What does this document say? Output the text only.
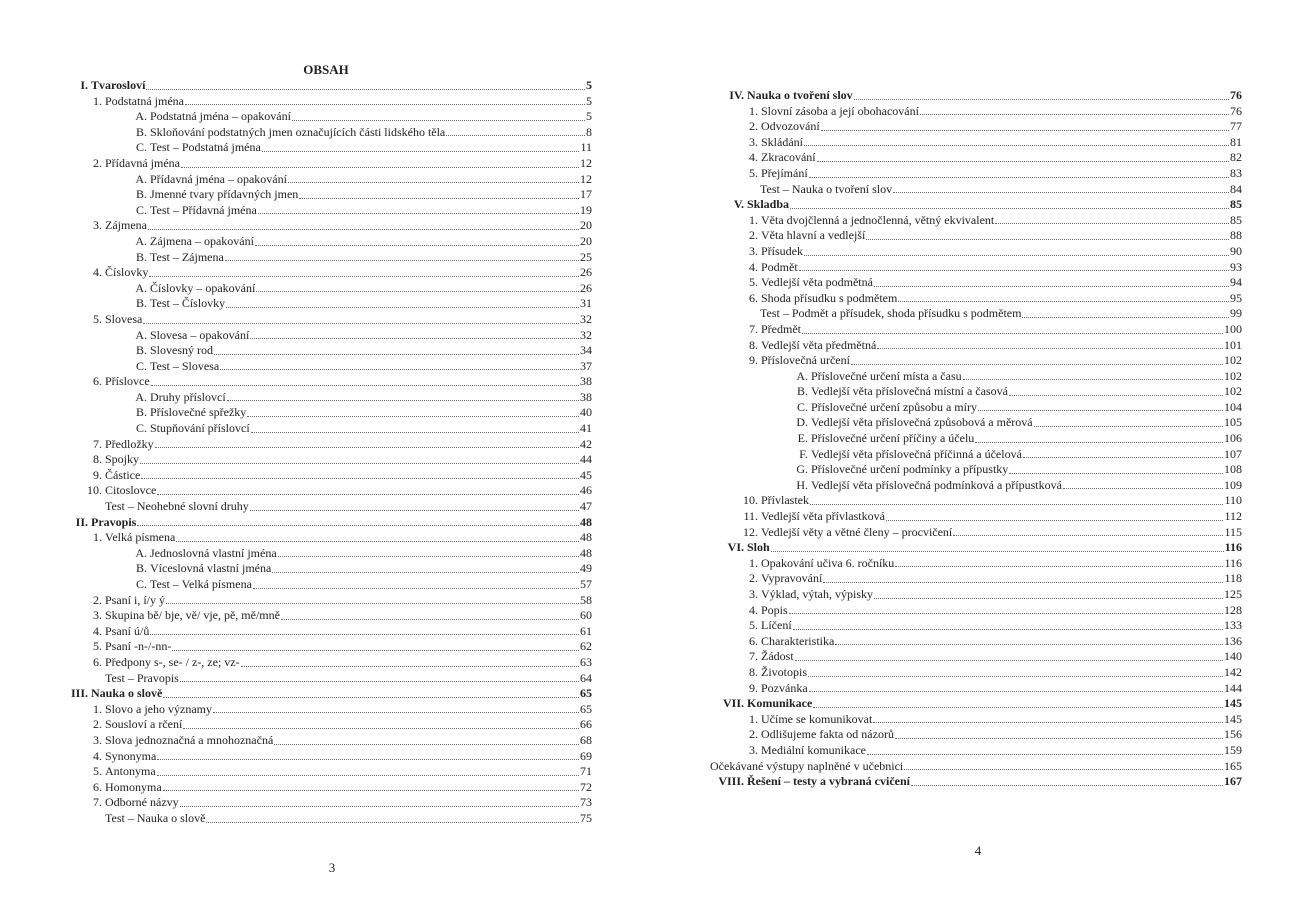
OBSAH
I. Tvarosloví	5
1. Podstatná jména	5
A. Podstatná jména – opakování	5
B. Skloňování podstatných jmen označujících části lidského těla	8
C. Test – Podstatná jména	11
2. Přídavná jména	12
A. Přídavná jména – opakování	12
B. Jmenné tvary přídavných jmen	17
C. Test – Přídavná jména	19
3. Zájmena	20
A. Zájmena – opakování	20
B. Test – Zájmena	25
4. Číslovky	26
A. Číslovky – opakování	26
B. Test – Číslovky	31
5. Slovesa	32
A. Slovesa – opakování	32
B. Slovesný rod	34
C. Test – Slovesa	37
6. Příslovce	38
A. Druhy příslovcí	38
B. Příslovečné spřežky	40
C. Stupňování příslovcí	41
7. Předložky	42
8. Spojky	44
9. Částice	45
10. Citoslovce	46
Test – Neohebné slovní druhy	47
II. Pravopis	48
1. Velká písmena	48
A. Jednoslovná vlastní jména	48
B. Víceslovná vlastní jména	49
C. Test – Velká písmena	57
2. Psaní i, í/y ý	58
3. Skupina bě/ bje, vě/ vje, pě, mě/mně	60
4. Psaní ú/ů	61
5. Psaní -n-/-nn-	62
6. Předpony s-, se- / z-, ze; vz-	63
Test – Pravopis	64
III. Nauka o slově	65
1. Slovo a jeho významy	65
2. Sousloví a rčení	66
3. Slova jednoznačná a mnohoznačná	68
4. Synonyma	69
5. Antonyma	71
6. Homonyma	72
7. Odborné názvy	73
Test – Nauka o slově	75
3
IV. Nauka o tvoření slov	76
1. Slovní zásoba a její obohacování	76
2. Odvozování	77
3. Skládání	81
4. Zkracování	82
5. Přejímání	83
Test – Nauka o tvoření slov	84
V. Skladba	85
1. Věta dvojčlenná a jednočlenná, větný ekvivalent	85
2. Věta hlavní a vedlejší	88
3. Přísudek	90
4. Podmět	93
5. Vedlejší věta podmětná	94
6. Shoda přísudku s podmětem	95
Test – Podmět a přísudek, shoda přísudku s podmětem	99
7. Předmět	100
8. Vedlejší věta předmětná	101
9. Příslovečná určení	102
A. Příslovečné určení místa a času	102
B. Vedlejší věta příslovečná místní a časová	102
C. Příslovečné určení způsobu a míry	104
D. Vedlejší věta příslovečná způsobová a měrová	105
E. Příslovečné určení příčiny a účelu	106
F. Vedlejší věta příslovečná příčinná a účelová	107
G. Příslovečné určení podmínky a přípustky	108
H. Vedlejší věta příslovečná podmínková a přípustková	109
10. Přívlastek	110
11. Vedlejší věta přívlastková	112
12. Vedlejší věty a větné členy – procvičení	115
VI. Sloh	116
1. Opakování učiva 6. ročníku	116
2. Vypravování	118
3. Výklad, výtah, výpisky	125
4. Popis	128
5. Líčení	133
6. Charakteristika	136
7. Žádost	140
8. Životopis	142
9. Pozvánka	144
VII. Komunikace	145
1. Učíme se komunikovat	145
2. Odlišujeme fakta od názorů	156
3. Mediální komunikace	159
Očekávané výstupy naplněné v učebnici	165
VIII. Řešení – testy a vybraná cvičení	167
4
